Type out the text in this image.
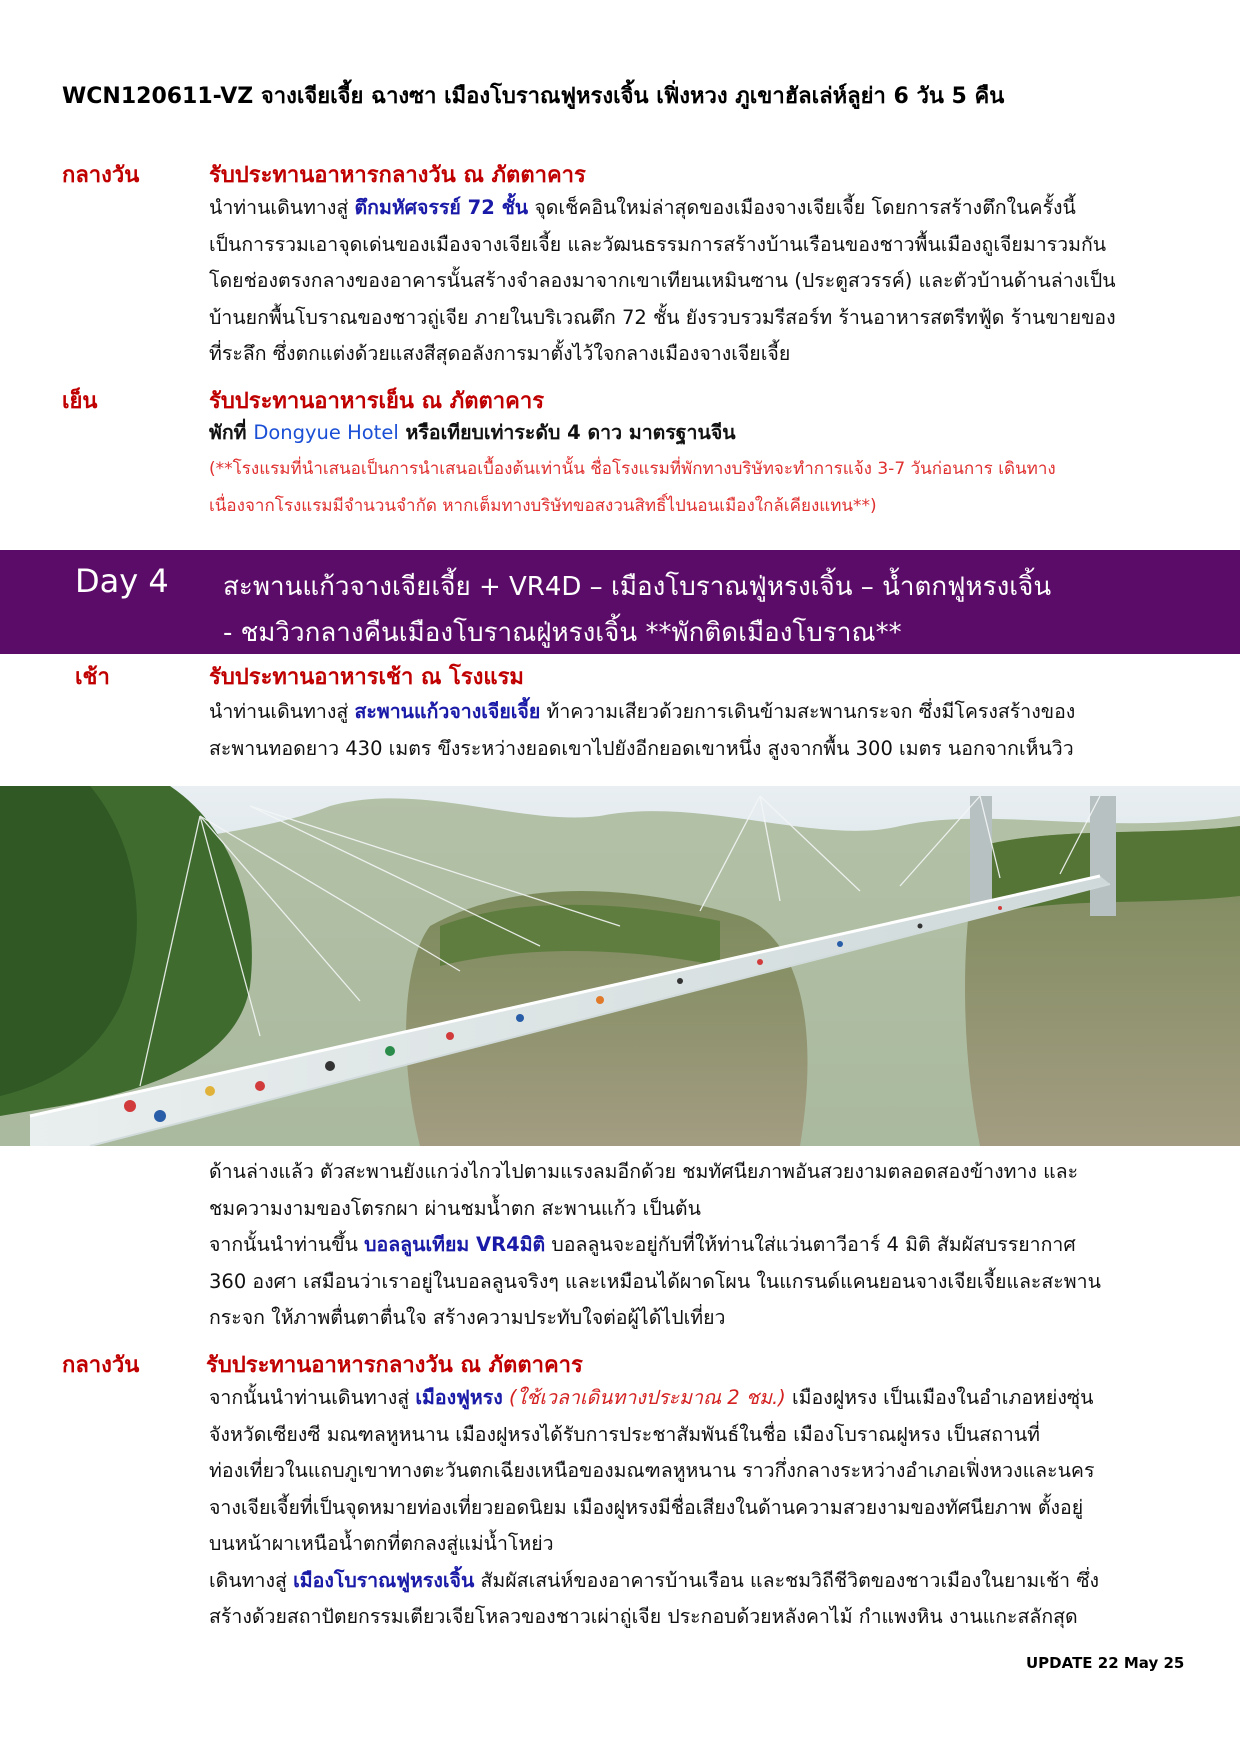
WCN120611-VZ จางเจียเจี้ย ฉางซา เมืองโบราณฟูหรงเจิ้น เฟิ่งหวง ภูเขาฮัลเล่ห์ลูย่า 6 วัน 5 คืน
กลางวัน	รับประทานอาหารกลางวัน ณ ภัตตาคาร
นำท่านเดินทางสู่ ตึกมหัศจรรย์ 72 ชั้น จุดเช็คอินใหม่ล่าสุดของเมืองจางเจียเจี้ย โดยการสร้างตึกในครั้งนี้
เป็นการรวมเอาจุดเด่นของเมืองจางเจียเจี้ย และวัฒนธรรมการสร้างบ้านเรือนของชาวพื้นเมืองถูเจียมารวมกัน
โดยช่องตรงกลางของอาคารนั้นสร้างจำลองมาจากเขาเทียนเหมินซาน (ประตูสวรรค์) และตัวบ้านด้านล่างเป็น
บ้านยกพื้นโบราณของชาวถู่เจีย ภายในบริเวณตึก 72 ชั้น ยังรวบรวมรีสอร์ท ร้านอาหารสตรีทฟู้ด ร้านขายของ
ที่ระลึก ซึ่งตกแต่งด้วยแสงสีสุดอลังการมาตั้งไว้ใจกลางเมืองจางเจียเจี้ย
เย็น	รับประทานอาหารเย็น ณ ภัตตาคาร
พักที่ Dongyue Hotel หรือเทียบเท่าระดับ 4 ดาว มาตรฐานจีน
(**โรงแรมที่นำเสนอเป็นการนำเสนอเบื้องต้นเท่านั้น ชื่อโรงแรมที่พักทางบริษัทจะทำการแจ้ง 3-7 วันก่อนการ เดินทาง
เนื่องจากโรงแรมมีจำนวนจำกัด หากเต็มทางบริษัทขอสงวนสิทธิ์ไปนอนเมืองใกล้เคียงแทน**)
Day 4 สะพานแก้วจางเจียเจี้ย + VR4D – เมืองโบราณฟู่หรงเจิ้น – น้ำตกฟูหรงเจิ้น
- ชมวิวกลางคืนเมืองโบราณฝู่หรงเจิ้น **พักติดเมืองโบราณ**
เช้า	รับประทานอาหารเช้า ณ โรงแรม
นำท่านเดินทางสู่ สะพานแก้วจางเจียเจี้ย ท้าความเสียวด้วยการเดินข้ามสะพานกระจก ซึ่งมีโครงสร้างของ
สะพานทอดยาว 430 เมตร ขึงระหว่างยอดเขาไปยังอีกยอดเขาหนึ่ง สูงจากพื้น 300 เมตร นอกจากเห็นวิว
ด้านล่างแล้ว ตัวสะพานยังแกว่งไกวไปตามแรงลมอีกด้วย ชมทัศนียภาพอันสวยงามตลอดสองข้างทาง และ
ชมความงามของโตรกผา ผ่านชมน้ำตก สะพานแก้ว เป็นต้น
จากนั้นนำท่านขึ้น บอลลูนเทียม VR4มิติ บอลลูนจะอยู่กับที่ให้ท่านใส่แว่นตาวีอาร์ 4 มิติ สัมผัสบรรยากาศ
360 องศา เสมือนว่าเราอยู่ในบอลลูนจริงๆ และเหมือนได้ผาดโผน ในแกรนด์แคนยอนจางเจียเจี้ยและสะพาน
กระจก ให้ภาพตื่นตาตื่นใจ สร้างความประทับใจต่อผู้ได้ไปเที่ยว
กลางวัน	รับประทานอาหารกลางวัน ณ ภัตตาคาร
จากนั้นนำท่านเดินทางสู่ เมืองฟูหรง (ใช้เวลาเดินทางประมาณ 2 ชม.) เมืองฝูหรง เป็นเมืองในอำเภอหย่งซุ่น
จังหวัดเซียงซี มณฑลหูหนาน เมืองฝูหรงได้รับการประชาสัมพันธ์ในชื่อ เมืองโบราณฝูหรง เป็นสถานที่
ท่องเที่ยวในแถบภูเขาทางตะวันตกเฉียงเหนือของมณฑลหูหนาน ราวกึ่งกลางระหว่างอำเภอเฟิ่งหวงและนคร
จางเจียเจี้ยที่เป็นจุดหมายท่องเที่ยวยอดนิยม เมืองฝูหรงมีชื่อเสียงในด้านความสวยงามของทัศนียภาพ ตั้งอยู่
บนหน้าผาเหนือน้ำตกที่ตกลงสู่แม่น้ำโหย่ว
เดินทางสู่ เมืองโบราณฟูหรงเจิ้น สัมผัสเสน่ห์ของอาคารบ้านเรือน และชมวิถีชีวิตของชาวเมืองในยามเช้า ซึ่ง
สร้างด้วยสถาปัตยกรรมเตียวเจียโหลวของชาวเผ่าถู่เจีย ประกอบด้วยหลังคาไม้ กำแพงหิน งานแกะสลักสุด
UPDATE 22 May 25
